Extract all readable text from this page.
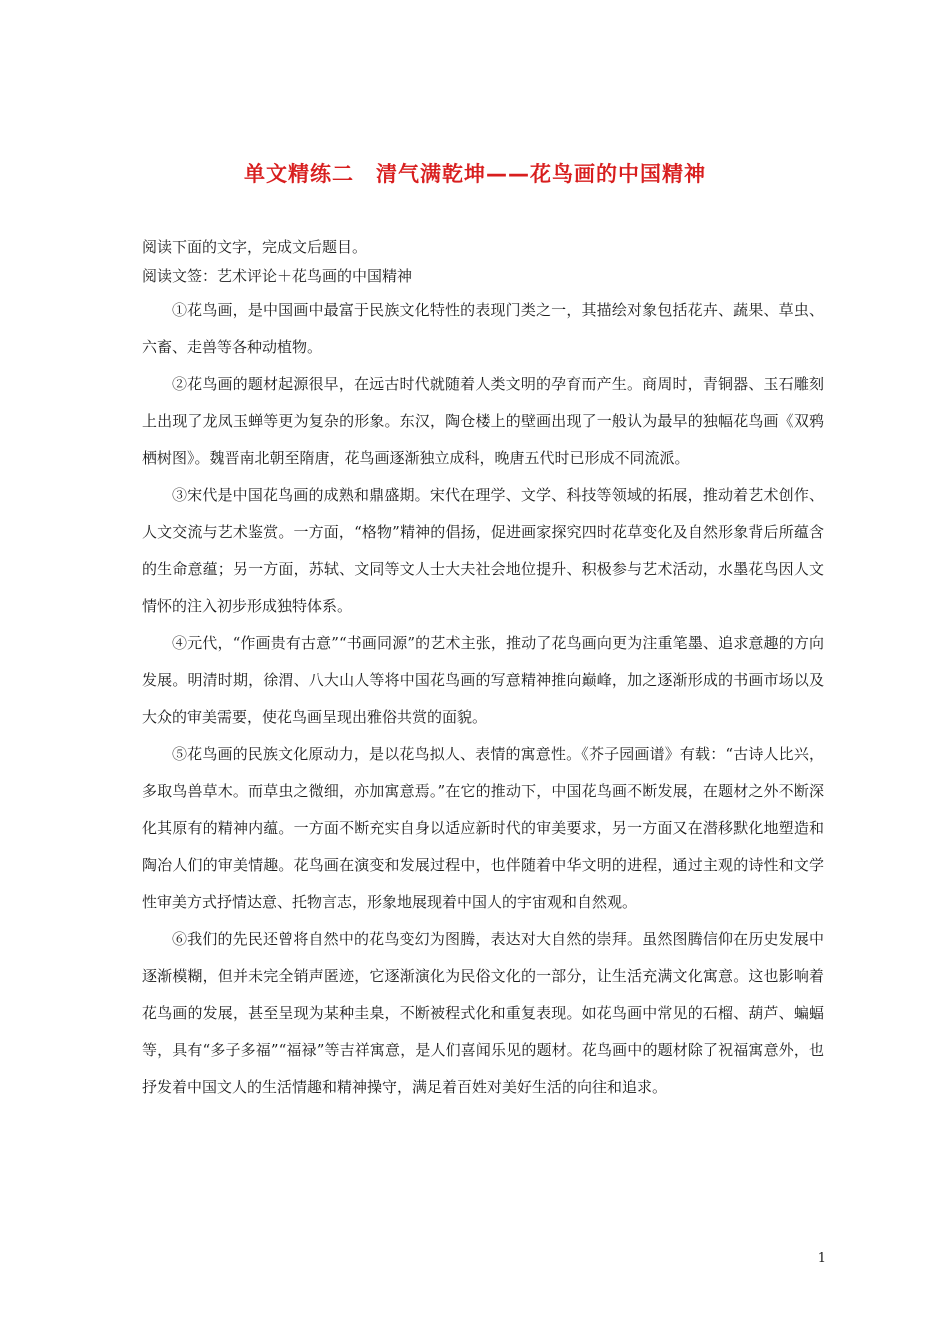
单文精练二　清气满乾坤——花鸟画的中国精神
阅读下面的文字，完成文后题目。
阅读文签：艺术评论＋花鸟画的中国精神

①花鸟画，是中国画中最富于民族文化特性的表现门类之一，其描绘对象包括花卉、蔬果、草虫、六畜、走兽等各种动植物。

②花鸟画的题材起源很早，在远古时代就随着人类文明的孕育而产生。商周时，青铜器、玉石雕刻上出现了龙凤玉蝉等更为复杂的形象。东汉，陶仓楼上的壁画出现了一般认为最早的独幅花鸟画《双鸦栖树图》。魏晋南北朝至隋唐，花鸟画逐渐独立成科，晚唐五代时已形成不同流派。

③宋代是中国花鸟画的成熟和鼎盛期。宋代在理学、文学、科技等领域的拓展，推动着艺术创作、人文交流与艺术鉴赏。一方面，“格物”精神的倡扬，促进画家探究四时花草变化及自然形象背后所蕴含的生命意蕴；另一方面，苏轼、文同等文人士大夫社会地位提升、积极参与艺术活动，水墨花鸟因人文情怀的注入初步形成独特体系。

④元代，“作画贵有古意”“书画同源”的艺术主张，推动了花鸟画向更为注重笔墨、追求意趣的方向发展。明清时期，徐渭、八大山人等将中国花鸟画的写意精神推向巅峰，加之逐渐形成的书画市场以及大众的审美需要，使花鸟画呈现出雅俗共赏的面貌。

⑤花鸟画的民族文化原动力，是以花鸟拟人、表情的寓意性。《芥子园画谱》有载：“古诗人比兴，多取鸟兽草木。而草虫之微细，亦加寓意焉。”在它的推动下，中国花鸟画不断发展，在题材之外不断深化其原有的精神内蕴。一方面不断充实自身以适应新时代的审美要求，另一方面又在潜移默化地塑造和陶冶人们的审美情趣。花鸟画在演变和发展过程中，也伴随着中华文明的进程，通过主观的诗性和文学性审美方式抒情达意、托物言志，形象地展现着中国人的宇宙观和自然观。

⑥我们的先民还曾将自然中的花鸟变幻为图腾，表达对大自然的崇拜。虽然图腾信仰在历史发展中逐渐模糊，但并未完全销声匿迹，它逐渐演化为民俗文化的一部分，让生活充满文化寓意。这也影响着花鸟画的发展，甚至呈现为某种圭臬，不断被程式化和重复表现。如花鸟画中常见的石榴、葫芦、蝙蝠等，具有“多子多福”“福禄”等吉祥寓意，是人们喜闻乐见的题材。花鸟画中的题材除了祝福寓意外，也抒发着中国文人的生活情趣和精神操守，满足着百姓对美好生活的向往和追求。

1
